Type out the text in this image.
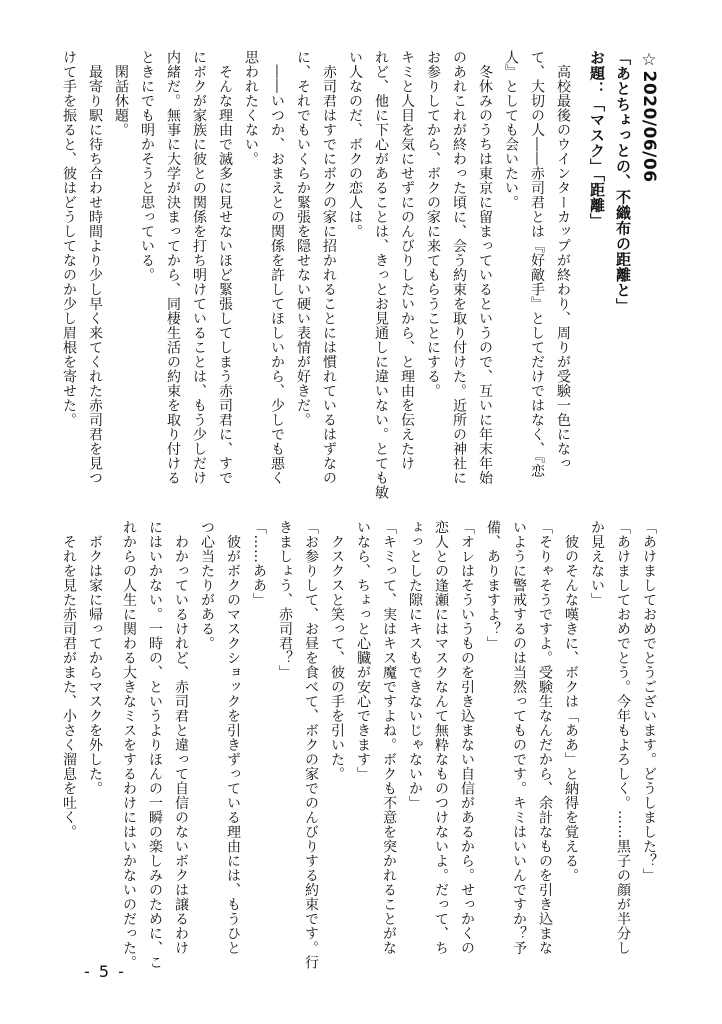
☆2020/06/06
「あとちょっとの、不織布の距離と」
お題：「マスク」「距離」
　高校最後のウインターカップが終わり、周りが受験一色になっ
て、大切の人――赤司君とは『好敵手』としてだけではなく、『恋
人』としても会いたい。
　冬休みのうちは東京に留まっているというので、互いに年末年始
のあれこれが終わった頃に、会う約束を取り付けた。近所の神社に
お参りしてから、ボクの家に来てもらうことにする。
キミと人目を気にせずにのんびりしたいから、と理由を伝えたけ
れど、他に下心があることは、きっとお見通しに違いない。とても敏
い人なのだ、ボクの恋人は。
　赤司君はすでにボクの家に招かれることには慣れているはずなの
に、それでもいくらか緊張を隠せない硬い表情が好きだ。
　――いつか、おまえとの関係を許してほしいから、少しでも悪く
思われたくない。
　そんな理由で滅多に見せないほど緊張してしまう赤司君に、すで
にボクが家族に彼との関係を打ち明けていることは、もう少しだけ
内緒だ。無事に大学が決まってから、同棲生活の約束を取り付ける
ときにでも明かそうと思っている。
　閑話休題。
　最寄り駅に待ち合わせ時間より少し早く来てくれた赤司君を見つ
けて手を振ると、彼はどうしてなのか少し眉根を寄せた。
「あけましておめでとうございます。どうしました？」
「あけましておめでとう。今年もよろしく。……黒子の顔が半分し
か見えない」
　彼のそんな嘆きに、ボクは「ああ」と納得を覚える。
「そりゃそうですよ。受験生なんだから、余計なものを引き込まな
いように警戒するのは当然ってものです。キミはいいんですか？予
備、ありますよ？」
「オレはそういうものを引き込まない自信があるから。せっかくの
恋人との逢瀬にはマスクなんて無粋なものつけないよ。だって、ち
ょっとした隙にキスもできないじゃないか」
「キミって、実はキス魔ですよね。ボクも不意を突かれることがな
いなら、ちょっと心臓が安心できます」
　クスクスと笑って、彼の手を引いた。
「お参りして、お昼を食べて、ボクの家でのんびりする約束です。行
きましょう、赤司君？」
「……ああ」
　彼がボクのマスクショックを引きずっている理由には、もうひと
つ心当たりがある。
　わかっているけれど、赤司君と違って自信のないボクは譲るわけ
にはいかない。一時の、というよりほんの一瞬の楽しみのために、こ
れからの人生に関わる大きなミスをするわけにはいかないのだった。
　ボクは家に帰ってからマスクを外した。
　それを見た赤司君がまた、小さく溜息を吐く。
- 5 -
